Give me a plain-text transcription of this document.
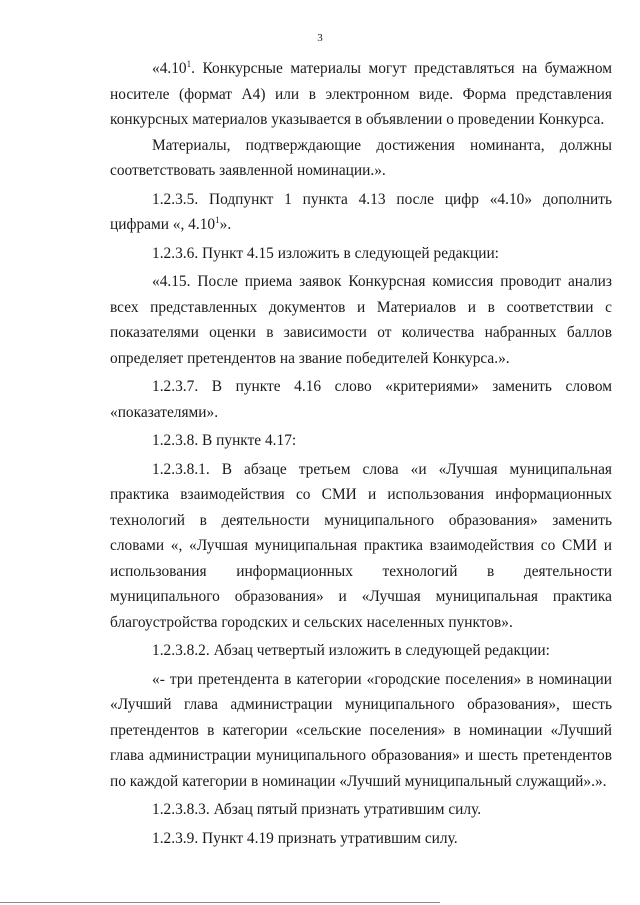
3

«4.10$^1$. Конкурсные материалы могут представляться на бумажном носителе (формат А4) или в электронном виде. Форма представления конкурсных материалов указывается в объявлении о проведении Конкурса.

Материалы, подтверждающие достижения номинанта, должны соответствовать заявленной номинации.».

1.2.3.5. Подпункт 1 пункта 4.13 после цифр «4.10» дополнить цифрами «, 4.10$^1$».

1.2.3.6. Пункт 4.15 изложить в следующей редакции:

«4.15. После приема заявок Конкурсная комиссия проводит анализ всех представленных документов и Материалов и в соответствии с показателями оценки в зависимости от количества набранных баллов определяет претендентов на звание победителей Конкурса.».

1.2.3.7. В пункте 4.16 слово «критериями» заменить словом «показателями».

1.2.3.8. В пункте 4.17:

1.2.3.8.1. В абзаце третьем слова «и «Лучшая муниципальная практика взаимодействия со СМИ и использования информационных технологий в деятельности муниципального образования» заменить словами «, «Лучшая муниципальная практика взаимодействия со СМИ и использования информационных технологий в деятельности муниципального образования» и «Лучшая муниципальная практика благоустройства городских и сельских населенных пунктов».

1.2.3.8.2. Абзац четвертый изложить в следующей редакции:

«- три претендента в категории «городские поселения» в номинации «Лучший глава администрации муниципального образования», шесть претендентов в категории «сельские поселения» в номинации «Лучший глава администрации муниципального образования» и шесть претендентов по каждой категории в номинации «Лучший муниципальный служащий».».

1.2.3.8.3. Абзац пятый признать утратившим силу.

1.2.3.9. Пункт 4.19 признать утратившим силу.
